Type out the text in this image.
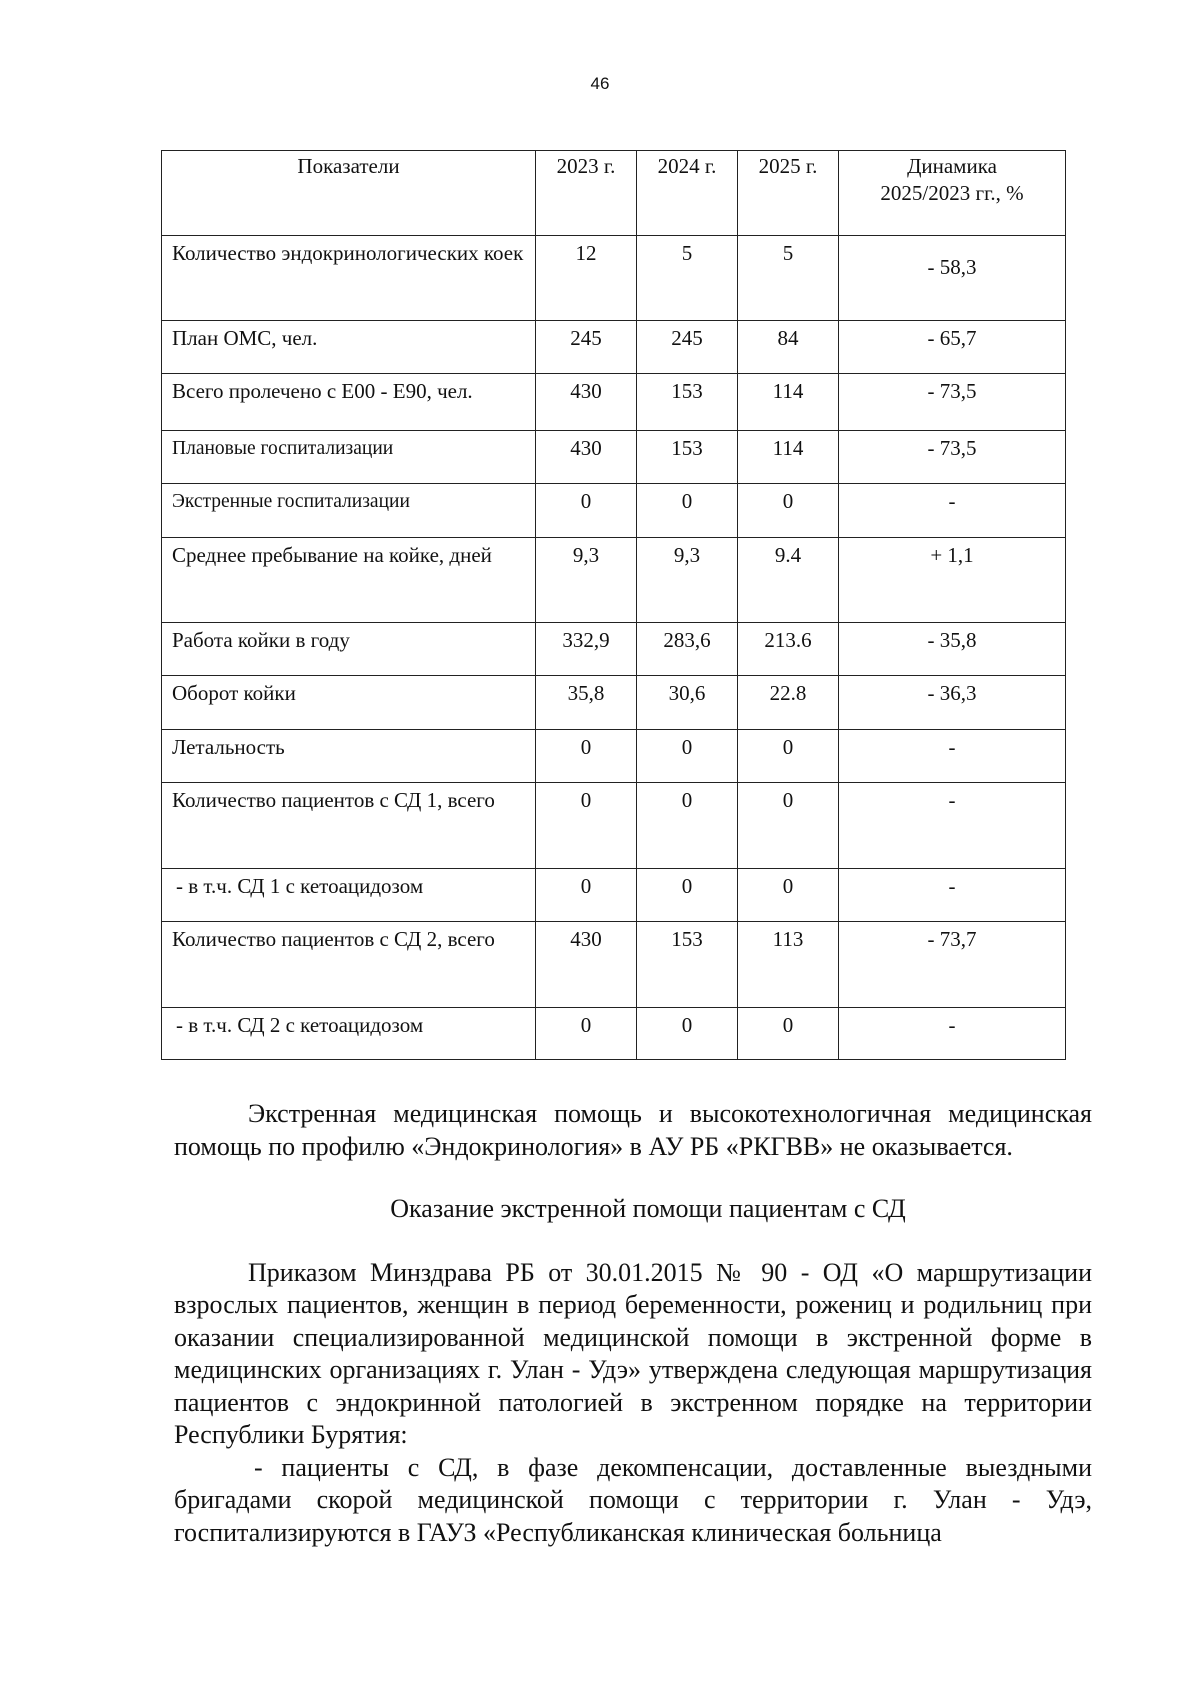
46
Показатели	2023 г.	2024 г.	2025 г.	Динамика 2025/2023 гг., %
Количество эндокринологических коек	12	5	5	- 58,3
План ОМС, чел.	245	245	84	- 65,7
Всего пролечено с Е00 - Е90, чел.	430	153	114	- 73,5
Плановые госпитализации	430	153	114	- 73,5
Экстренные госпитализации	0	0	0	-
Среднее пребывание на койке, дней	9,3	9,3	9.4	+ 1,1
Работа койки в году	332,9	283,6	213.6	- 35,8
Оборот койки	35,8	30,6	22.8	- 36,3
Летальность	0	0	0	-
Количество пациентов с СД 1, всего	0	0	0	-
- в т.ч. СД 1 с кетоацидозом	0	0	0	-
Количество пациентов с СД 2, всего	430	153	113	- 73,7
- в т.ч. СД 2 с кетоацидозом	0	0	0	-

Экстренная медицинская помощь и высокотехнологичная медицинская помощь по профилю «Эндокринология» в АУ РБ «РКГВВ» не оказывается.

Оказание экстренной помощи пациентам с СД

Приказом Минздрава РБ от 30.01.2015 № 90 - ОД «О маршрутизации взрослых пациентов, женщин в период беременности, рожениц и родильниц при оказании специализированной медицинской помощи в экстренной форме в медицинских организациях г. Улан - Удэ» утверждена следующая маршрутизация пациентов с эндокринной патологией в экстренном порядке на территории Республики Бурятия:

- пациенты с СД, в фазе декомпенсации, доставленные выездными бригадами скорой медицинской помощи с территории г. Улан - Удэ, госпитализируются в ГАУЗ «Республиканская клиническая больница
